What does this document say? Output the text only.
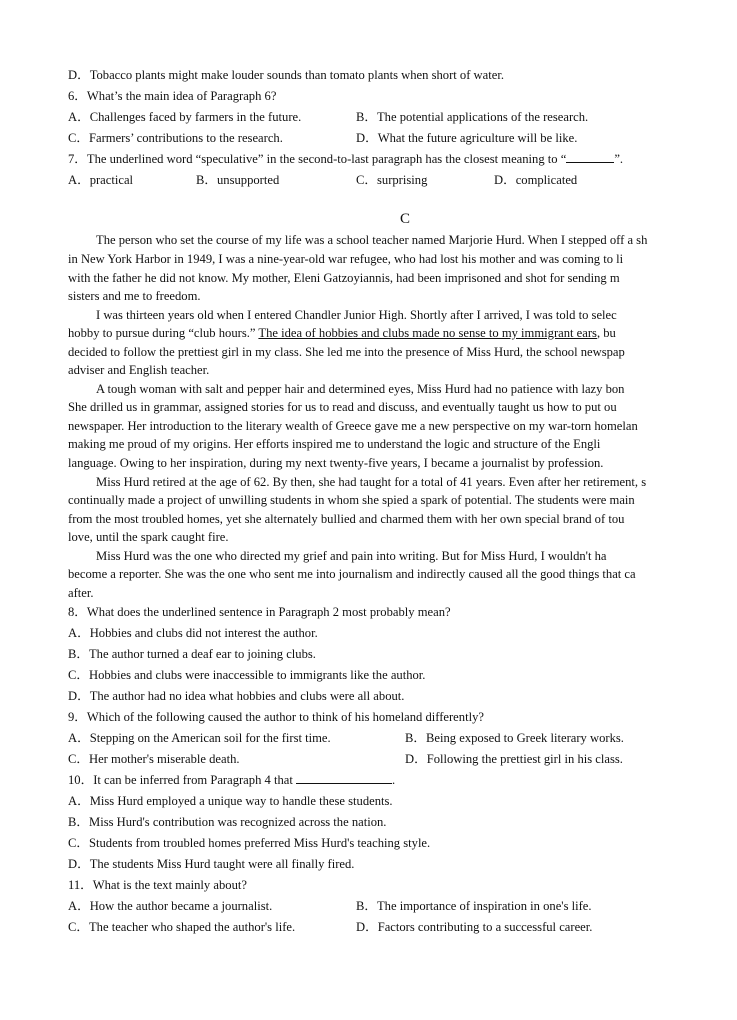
D．Tobacco plants might make louder sounds than tomato plants when short of water.
6．What’s the main idea of Paragraph 6?
A．Challenges faced by farmers in the future.	B．The potential applications of the research.
C．Farmers’ contributions to the research.	D．What the future agriculture will be like.
7．The underlined word “speculative” in the second-to-last paragraph has the closest meaning to “	”.
A．practical	B．unsupported	C．surprising	D．complicated
C
The person who set the course of my life was a school teacher named Marjorie Hurd. When I stepped off a sh
in New York Harbor in 1949, I was a nine-year-old war refugee, who had lost his mother and was coming to li
with the father he did not know. My mother, Eleni Gatzoyiannis, had been imprisoned and shot for sending m
sisters and me to freedom.
I was thirteen years old when I entered Chandler Junior High. Shortly after I arrived, I was told to selec
hobby to pursue during “club hours.” The idea of hobbies and clubs made no sense to my immigrant ears, bu
decided to follow the prettiest girl in my class. She led me into the presence of Miss Hurd, the school newspap
adviser and English teacher.
A tough woman with salt and pepper hair and determined eyes, Miss Hurd had no patience with lazy bon
She drilled us in grammar, assigned stories for us to read and discuss, and eventually taught us how to put ou
newspaper. Her introduction to the literary wealth of Greece gave me a new perspective on my war-torn homelan
making me proud of my origins. Her efforts inspired me to understand the logic and structure of the Engli
language. Owing to her inspiration, during my next twenty-five years, I became a journalist by profession.
Miss Hurd retired at the age of 62. By then, she had taught for a total of 41 years. Even after her retirement, s
continually made a project of unwilling students in whom she spied a spark of potential. The students were main
from the most troubled homes, yet she alternately bullied and charmed them with her own special brand of tou
love, until the spark caught fire.
Miss Hurd was the one who directed my grief and pain into writing. But for Miss Hurd, I wouldn't ha
become a reporter. She was the one who sent me into journalism and indirectly caused all the good things that ca
after.
8．What does the underlined sentence in Paragraph 2 most probably mean?
A．Hobbies and clubs did not interest the author.
B．The author turned a deaf ear to joining clubs.
C．Hobbies and clubs were inaccessible to immigrants like the author.
D．The author had no idea what hobbies and clubs were all about.
9．Which of the following caused the author to think of his homeland differently?
A．Stepping on the American soil for the first time.	B．Being exposed to Greek literary works.
C．Her mother's miserable death.	D．Following the prettiest girl in his class.
10．It can be inferred from Paragraph 4 that	.
A．Miss Hurd employed a unique way to handle these students.
B．Miss Hurd's contribution was recognized across the nation.
C．Students from troubled homes preferred Miss Hurd's teaching style.
D．The students Miss Hurd taught were all finally fired.
11．What is the text mainly about?
A．How the author became a journalist.	B．The importance of inspiration in one's life.
C．The teacher who shaped the author's life.	D．Factors contributing to a successful career.
